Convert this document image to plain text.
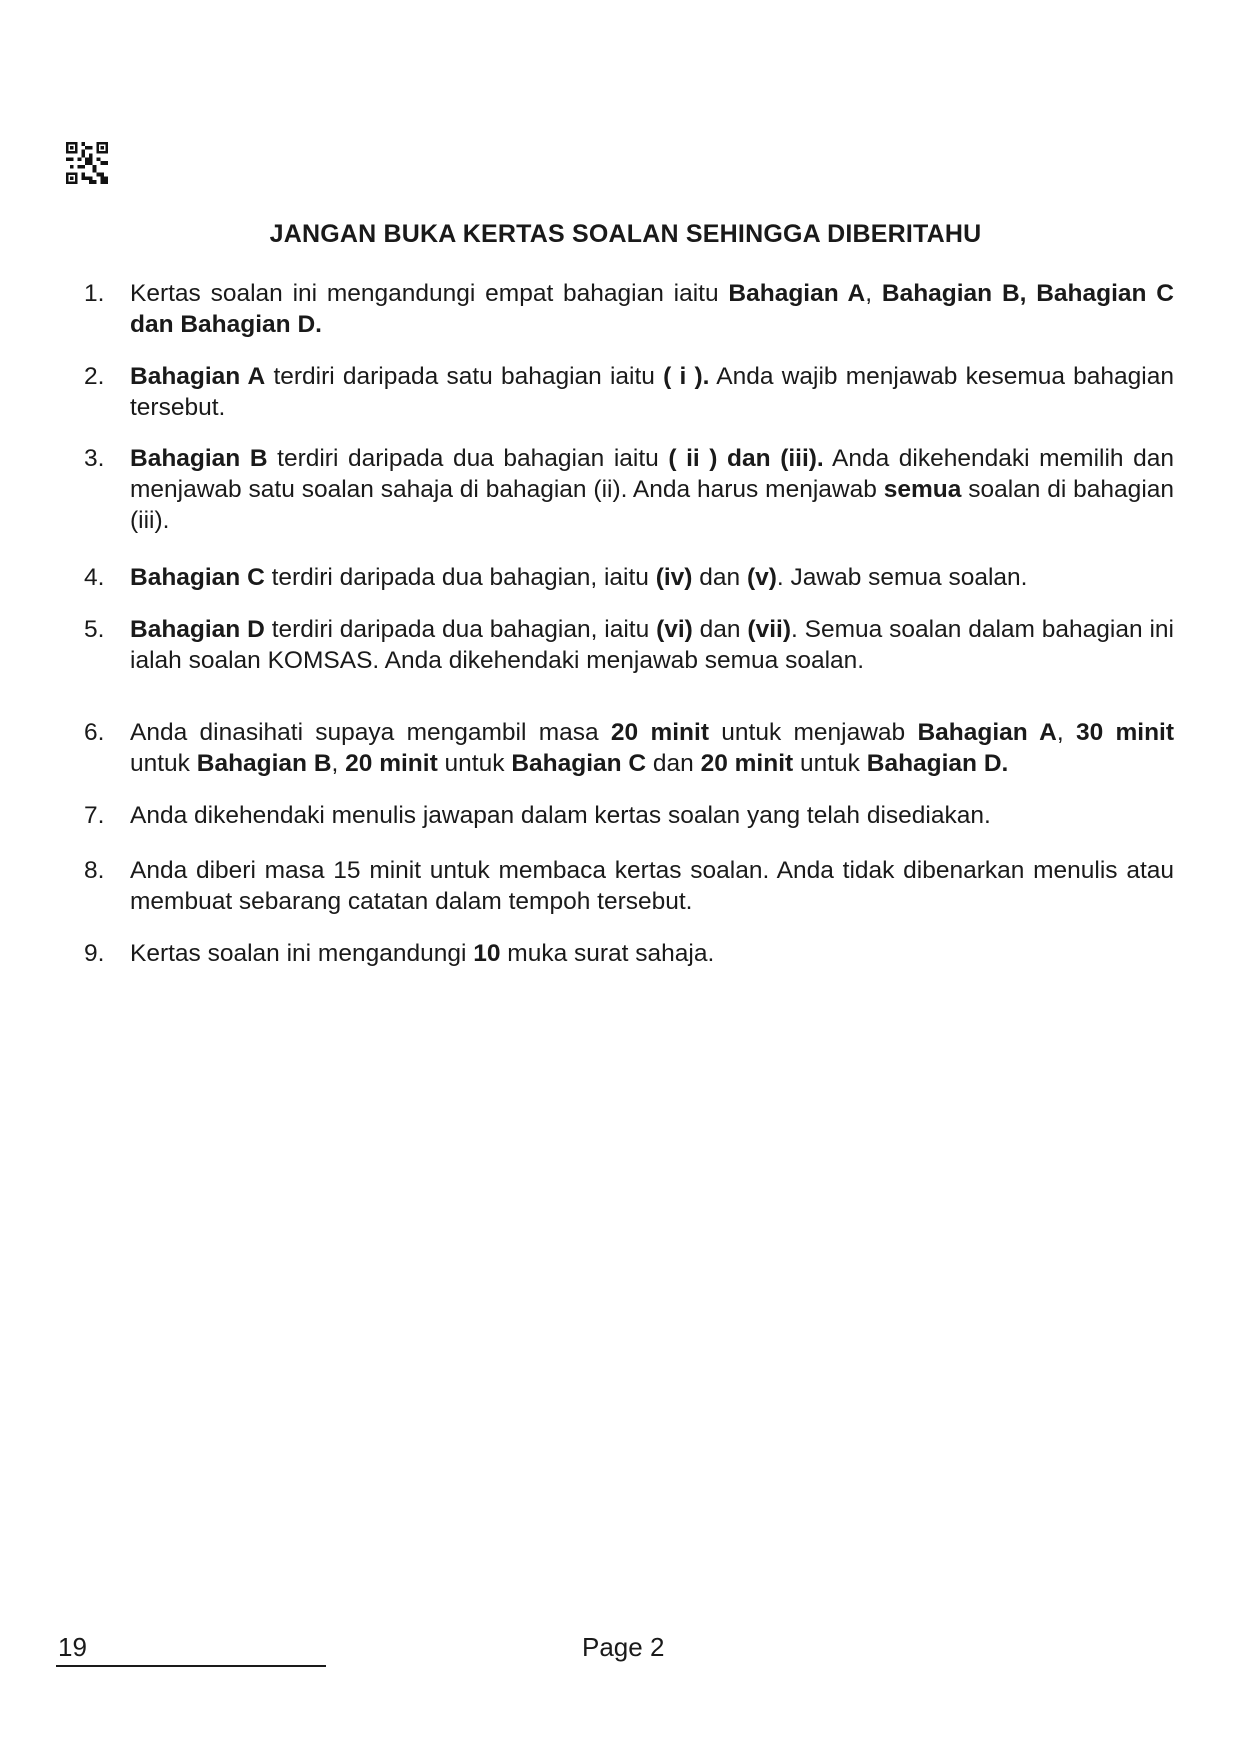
JANGAN BUKA KERTAS SOALAN SEHINGGA DIBERITAHU
1.	Kertas soalan ini mengandungi empat bahagian iaitu Bahagian A, Bahagian B, Bahagian C dan Bahagian D.
2.	Bahagian A terdiri daripada satu bahagian iaitu ( i ). Anda wajib menjawab kesemua bahagian tersebut.
3.	Bahagian B terdiri daripada dua bahagian iaitu ( ii ) dan (iii). Anda dikehendaki memilih dan menjawab satu soalan sahaja di bahagian (ii). Anda harus menjawab semua soalan di bahagian (iii).
4.	Bahagian C terdiri daripada dua bahagian, iaitu (iv) dan (v). Jawab semua soalan.
5.	Bahagian D terdiri daripada dua bahagian, iaitu (vi) dan (vii). Semua soalan dalam bahagian ini ialah soalan KOMSAS. Anda dikehendaki menjawab semua soalan.
6.	Anda dinasihati supaya mengambil masa 20 minit untuk menjawab Bahagian A, 30 minit untuk Bahagian B, 20 minit untuk Bahagian C dan 20 minit untuk Bahagian D.
7.	Anda dikehendaki menulis jawapan dalam kertas soalan yang telah disediakan.
8.	Anda diberi masa 15 minit untuk membaca kertas soalan. Anda tidak dibenarkan menulis atau membuat sebarang catatan dalam tempoh tersebut.
9.	Kertas soalan ini mengandungi 10 muka surat sahaja.
19	Page 2
